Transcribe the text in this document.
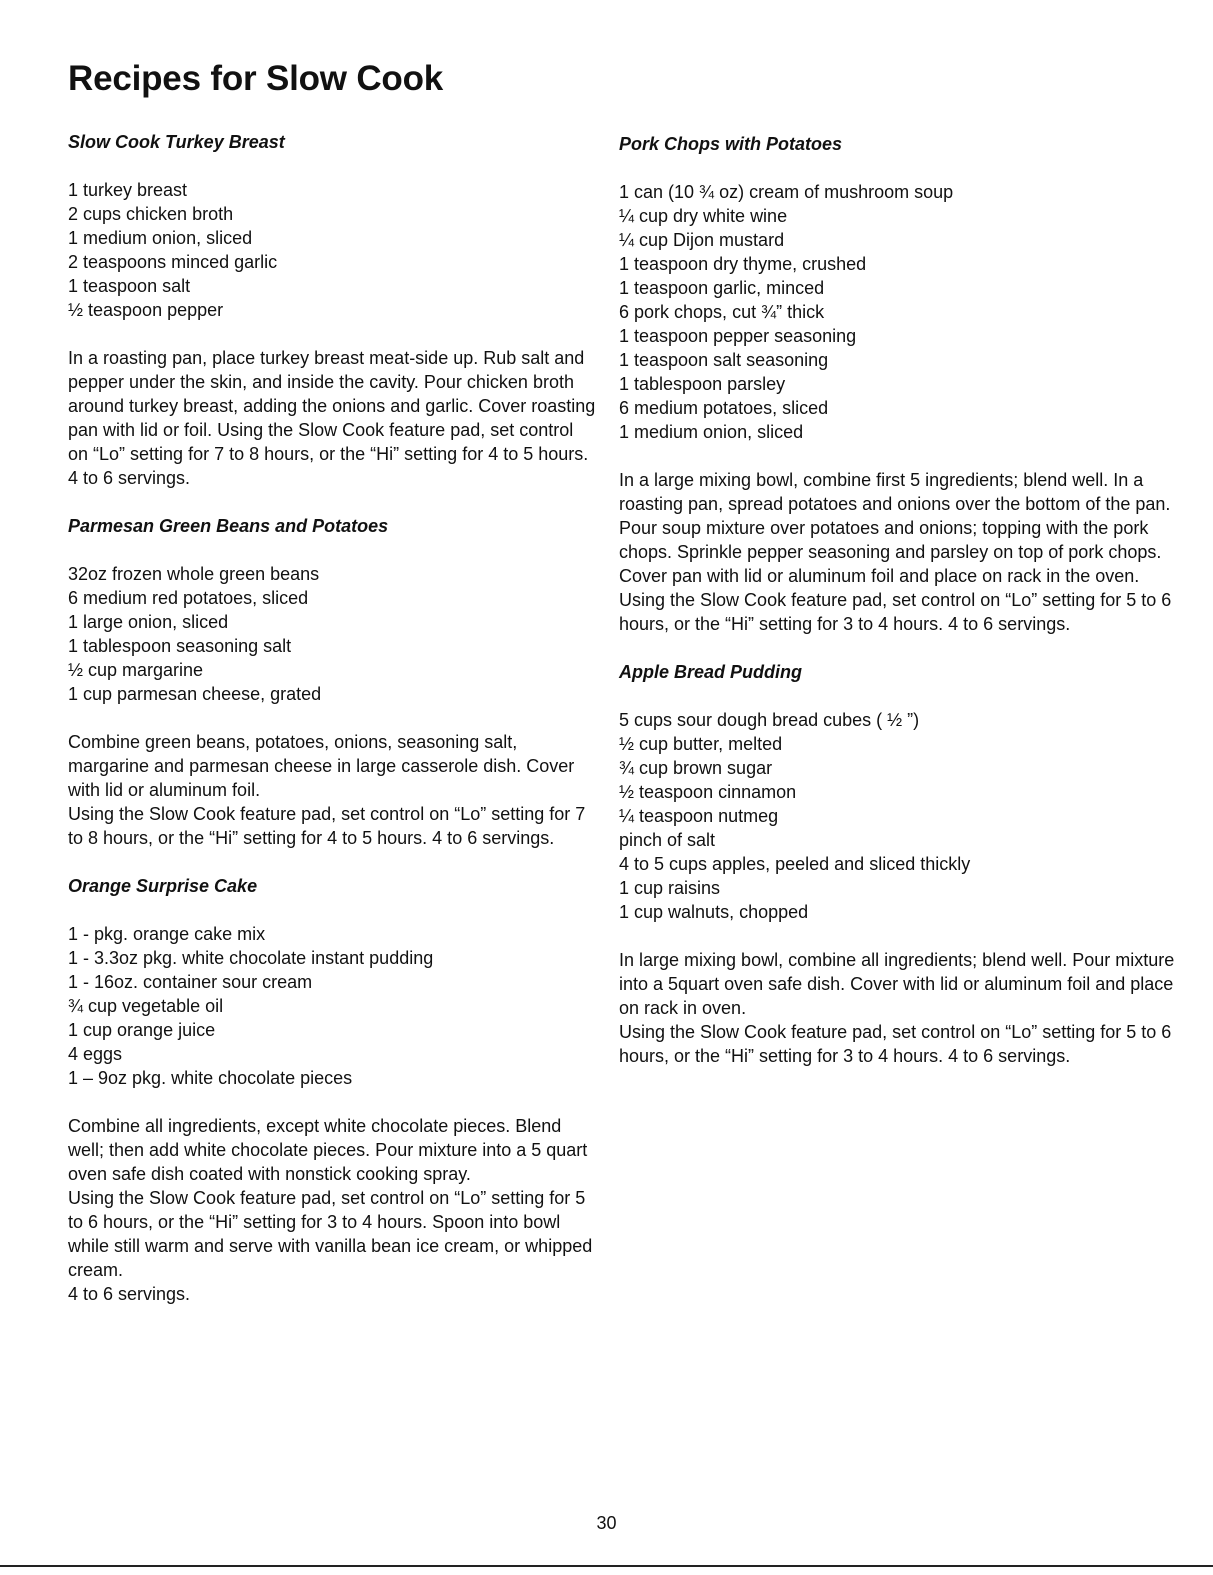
Recipes for Slow Cook
Slow Cook Turkey Breast
1 turkey breast
2 cups chicken broth
1 medium onion, sliced
2 teaspoons minced garlic
1 teaspoon salt
½ teaspoon pepper

In a roasting pan, place turkey breast meat-side up. Rub salt and pepper under the skin, and inside the cavity. Pour chicken broth around turkey breast, adding the onions and garlic. Cover roasting pan with lid or foil. Using the Slow Cook feature pad, set control on “Lo” setting for 7 to 8 hours, or the “Hi” setting for 4 to 5 hours. 4 to 6 servings.

Parmesan Green Beans and Potatoes
32oz frozen whole green beans
6 medium red potatoes, sliced
1 large onion, sliced
1 tablespoon seasoning salt
½ cup margarine
1 cup parmesan cheese, grated

Combine green beans, potatoes, onions, seasoning salt, margarine and parmesan cheese in large casserole dish. Cover with lid or aluminum foil.

Using the Slow Cook feature pad, set control on “Lo” setting for 7 to 8 hours, or the “Hi” setting for 4 to 5 hours. 4 to 6 servings.

Orange Surprise Cake
1 - pkg. orange cake mix
1 - 3.3oz pkg. white chocolate instant pudding
1 - 16oz. container sour cream
¾ cup vegetable oil
1 cup orange juice
4 eggs
1 – 9oz pkg. white chocolate pieces

Combine all ingredients, except white chocolate pieces. Blend well; then add white chocolate pieces. Pour mixture into a 5 quart oven safe dish coated with nonstick cooking spray.

Using the Slow Cook feature pad, set control on “Lo” setting for 5 to 6 hours, or the “Hi” setting for 3 to 4 hours. Spoon into bowl while still warm and serve with vanilla bean ice cream, or whipped cream.

4 to 6 servings.

Pork Chops with Potatoes
1 can (10 ¾ oz) cream of mushroom soup
¼ cup dry white wine
¼ cup Dijon mustard
1 teaspoon dry thyme, crushed
1 teaspoon garlic, minced
6 pork chops, cut ¾” thick
1 teaspoon pepper seasoning
1 teaspoon salt seasoning
1 tablespoon parsley
6 medium potatoes, sliced
1 medium onion, sliced

In a large mixing bowl, combine first 5 ingredients; blend well. In a roasting pan, spread potatoes and onions over the bottom of the pan. Pour soup mixture over potatoes and onions; topping with the pork chops. Sprinkle pepper seasoning and parsley on top of pork chops. Cover pan with lid or aluminum foil and place on rack in the oven.

Using the Slow Cook feature pad, set control on “Lo” setting for 5 to 6 hours, or the “Hi” setting for 3 to 4 hours. 4 to 6 servings.

Apple Bread Pudding
5 cups sour dough bread cubes ( ½ ”)
½ cup butter, melted
¾ cup brown sugar
½ teaspoon cinnamon
¼ teaspoon nutmeg
pinch of salt
4 to 5 cups apples, peeled and sliced thickly
1 cup raisins
1 cup walnuts, chopped

In large mixing bowl, combine all ingredients; blend well. Pour mixture into a 5quart oven safe dish. Cover with lid or aluminum foil and place on rack in oven.

Using the Slow Cook feature pad, set control on “Lo” setting for 5 to 6 hours, or the “Hi” setting for 3 to 4 hours. 4 to 6 servings.

30
